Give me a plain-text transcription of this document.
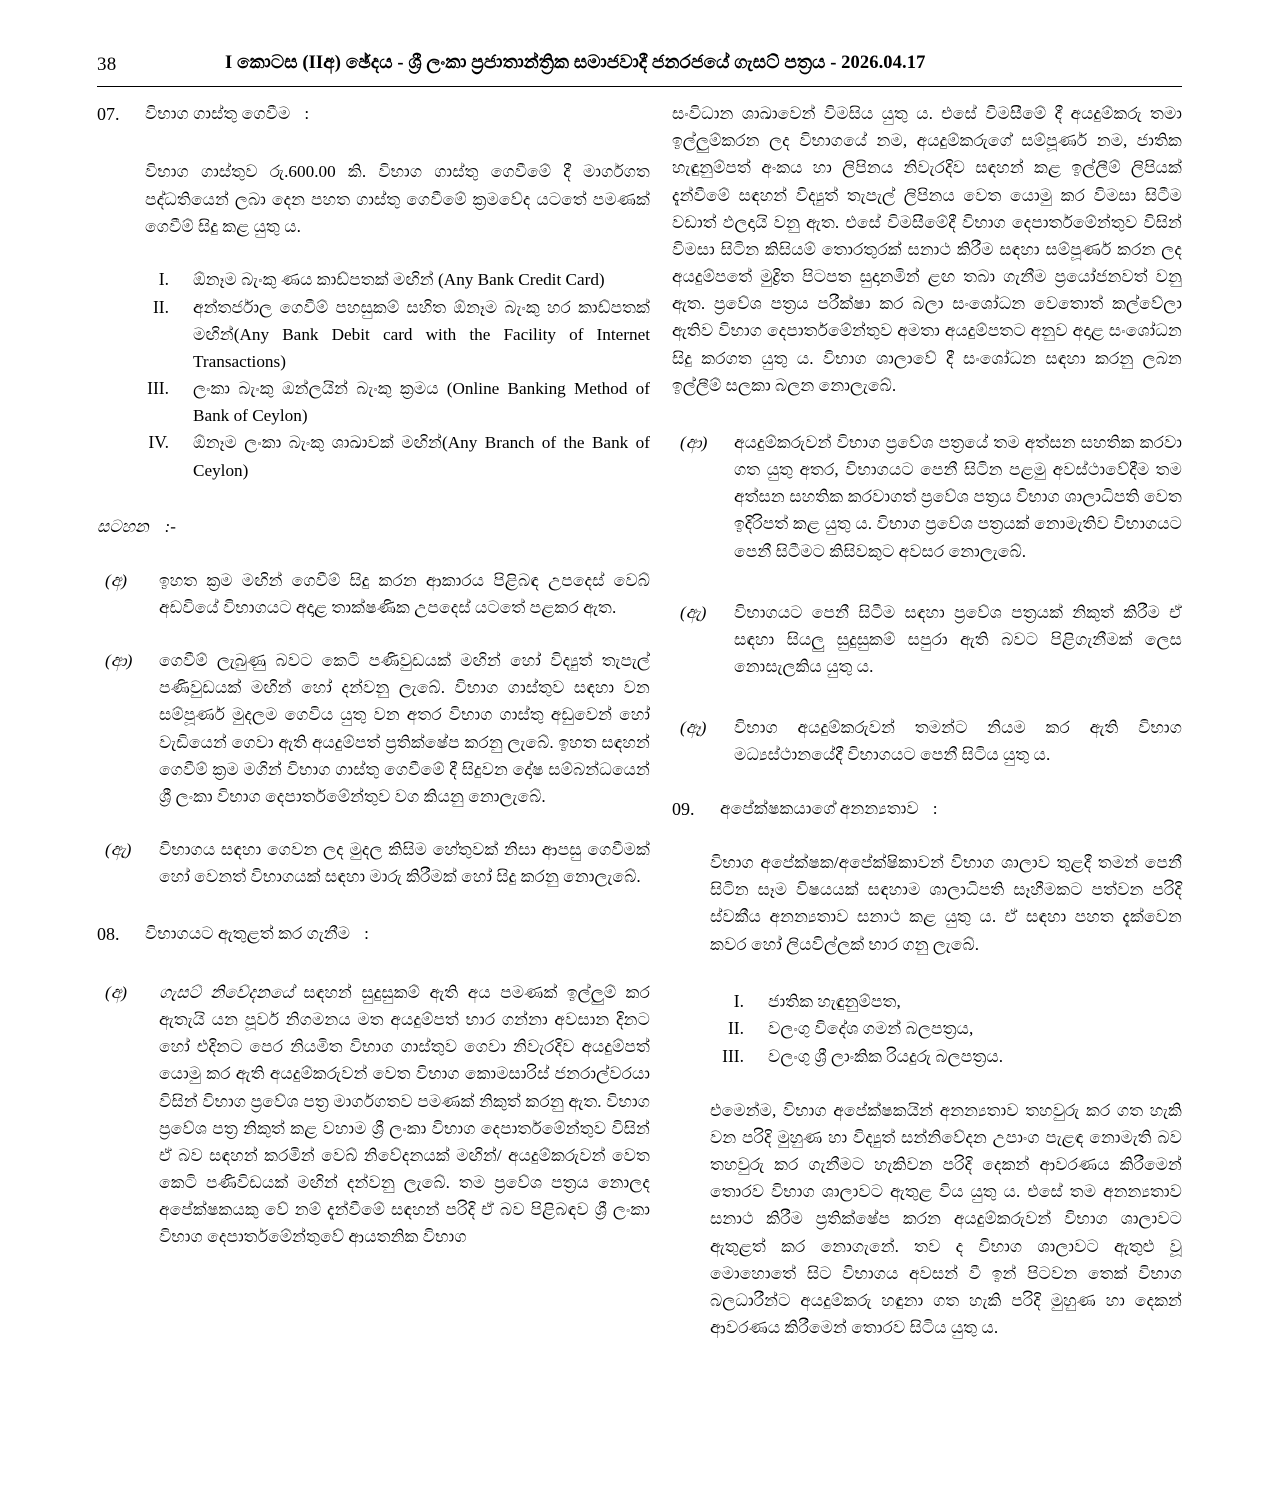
38	I කොටස (IIඅ) ඡේදය - ශ්‍රී ලංකා ප්‍රජාතාන්ත්‍රික සමාජවාදී ජනරජයේ ගැසට් පත්‍රය - 2026.04.17
07.	විභාග ගාස්තු ගෙවීම :
විභාග ගාස්තුව රු.600.00 කි. විභාග ගාස්තු ගෙවීමේ දී මාර්ගගත පද්ධතියෙන් ලබා දෙන පහත ගාස්තු ගෙවීමේ ක්‍රමවේද යටතේ පමණක් ගෙවීම් සිදු කළ යුතු ය.
I.	ඕනෑම බැංකු ණය කාඩ්පතක් මඟින් (Any Bank Credit Card)
II.	අන්තර්ජාල ගෙවීම් පහසුකම් සහිත ඕනෑම බැංකු හර කාඩ්පතක් මඟින්(Any Bank Debit card with the Facility of Internet Transactions)
III.	ලංකා බැංකු ඔන්ලයින් බැංකු ක්‍රමය (Online Banking Method of Bank of Ceylon)
IV.	ඕනෑම ලංකා බැංකු ශාඛාවක් මඟින්(Any Branch of the Bank of Ceylon)
සටහන :-
(අ)	ඉහත ක්‍රම මඟින් ගෙවීම් සිදු කරන ආකාරය පිළිබඳ උපදෙස් වෙබ් අඩවියේ විභාගයට අදාළ තාක්ෂණික උපදෙස් යටතේ පළකර ඇත.
(ආ)	ගෙවීම් ලැබුණු බවට කෙටි පණිවුඩයක් මඟින් හෝ විද්‍යුත් තැපැල් පණිවුඩයක් මඟින් හෝ දන්වනු ලැබේ. විභාග ගාස්තුව සඳහා වන සම්පූර්ණ මුදලම ගෙවිය යුතු වන අතර විභාග ගාස්තු අඩුවෙන් හෝ වැඩියෙන් ගෙවා ඇති අයදුම්පත් ප්‍රතික්ෂේප කරනු ලැබේ. ඉහත සඳහන් ගෙවීම් ක්‍රම මගින් විභාග ගාස්තු ගෙවීමේ දී සිදුවන දෝෂ සම්බන්ධයෙන් ශ්‍රී ලංකා විභාග දෙපාර්තමේන්තුව වග කියනු නොලැබේ.
(ඇ)	විභාගය සඳහා ගෙවන ලද මුදල කිසිම හේතුවක් නිසා ආපසු ගෙවීමක් හෝ වෙනත් විභාගයක් සඳහා මාරු කිරීමක් හෝ සිදු කරනු නොලැබේ.
08.	විභාගයට ඇතුළත් කර ගැනීම :
(අ)	ගැසට් නිවේදනයේ සඳහන් සුදුසුකම් ඇති අය පමණක් ඉල්ලුම් කර ඇතැයි යන පූර්ව නිගමනය මත අයදුම්පත් භාර ගන්නා අවසාන දිනට හෝ එදිනට පෙර නියමිත විභාග ගාස්තුව ගෙවා නිවැරදිව අයදුම්පත් යොමු කර ඇති අයදුම්කරුවන් වෙත විභාග කොමසාරිස් ජනරාල්වරයා විසින් විභාග ප්‍රවේශ පත්‍ර මාර්ගගතව පමණක් නිකුත් කරනු ඇත. විභාග ප්‍රවේශ පත්‍ර නිකුත් කළ වහාම ශ්‍රී ලංකා විභාග දෙපාර්තමේන්තුව විසින් ඒ බව සඳහන් කරමින් වෙබ් නිවේදනයක් මඟින්/ අයදුම්කරුවන් වෙත කෙටි පණිවිඩයක් මඟින් දන්වනු ලැබේ. තම ප්‍රවේශ පත්‍රය නොලද අපේක්ෂකයකු වේ නම් දැන්වීමේ සඳහන් පරිදි ඒ බව පිළිබඳව ශ්‍රී ලංකා විභාග දෙපාර්තමේන්තුවේ ආයතනික විභාග
සංවිධාන ශාඛාවෙන් විමසිය යුතු ය. එසේ විමසීමේ දී අයදුම්කරු තමා ඉල්ලුම්කරන ලද විභාගයේ නම, අයදුම්කරුගේ සම්පූර්ණ නම, ජාතික හැඳුනුම්පත් අංකය හා ලිපිනය නිවැරදිව සඳහන් කළ ඉල්ලීම් ලිපියක් දැන්වීමේ සඳහන් විද්‍යුත් තැපැල් ලිපිනය වෙත යොමු කර විමසා සිටීම වඩාත් ඵලදායි වනු ඇත. එසේ විමසීමේදී විභාග දෙපාර්තමේන්තුව විසින් විමසා සිටින කිසියම් තොරතුරක් සනාථ කිරීම සඳහා සම්පූර්ණ කරන ලද අයදුම්පතේ මුද්‍රිත පිටපත සුදානමින් ළඟ තබා ගැනීම ප්‍රයෝජනවත් වනු ඇත. ප්‍රවේශ පත්‍රය පරීක්ෂා කර බලා සංශෝධන වෙතොත් කල්වේලා ඇතිව විභාග දෙපාර්තමේන්තුව අමතා අයදුම්පතට අනුව අදාළ සංශෝධන සිදු කරගත යුතු ය. විභාග ශාලාවේ දී සංශෝධන සඳහා කරනු ලබන ඉල්ලීම් සලකා බලන නොලැබේ.
(ආ)	අයදුම්කරුවන් විභාග ප්‍රවේශ පත්‍රයේ තම අත්සන සහතික කරවා ගත යුතු අතර, විභාගයට පෙනී සිටින පළමු අවස්ථාවේදීම තම අත්සන සහතික කරවාගත් ප්‍රවේශ පත්‍රය විභාග ශාලාධිපති වෙත ඉදිරිපත් කළ යුතු ය. විභාග ප්‍රවේශ පත්‍රයක් නොමැතිව විභාගයට පෙනී සිටීමට කිසිවකුට අවසර නොලැබේ.
(ඇ)	විභාගයට පෙනී සිටීම සඳහා ප්‍රවේශ පත්‍රයක් නිකුත් කිරීම ඒ සඳහා සියලු සුදුසුකම් සපුරා ඇති බවට පිළිගැනීමක් ලෙස නොසැලකිය යුතු ය.
(ඈ)	විභාග අයදුම්කරුවන් තමන්ට නියම කර ඇති විභාග මධ්‍යස්ථානයේදී විභාගයට පෙනී සිටිය යුතු ය.
09.	අපේක්ෂකයාගේ අනන්‍යතාව :
විභාග අපේක්ෂක/අපේක්ෂිකාවන් විභාග ශාලාව තුළදී තමන් පෙනී සිටින සෑම විෂයයක් සඳහාම ශාලාධිපති සෑහීමකට පත්වන පරිදි ස්වකීය අනන්‍යතාව සනාථ කළ යුතු ය. ඒ සඳහා පහත දැක්වෙන කවර හෝ ලියවිල්ලක් භාර ගනු ලැබේ.
I.	ජාතික හැඳුනුම්පත,
II.	වලංගු විදේශ ගමන් බලපත්‍රය,
III.	වලංගු ශ්‍රී ලාංකික රියදුරු බලපත්‍රය.
එමෙන්ම, විභාග අපේක්ෂකයින් අනන්‍යතාව තහවුරු කර ගත හැකි වන පරිදි මුහුණ හා විද්‍යුත් සන්නිවේදන උපාංග පැළඳ නොමැති බව තහවුරු කර ගැනීමට හැකිවන පරිදි දෙකන් ආවරණය කිරීමෙන් තොරව විභාග ශාලාවට ඇතුළ විය යුතු ය. එසේ තම අනන්‍යතාව සනාථ කිරීම ප්‍රතික්ෂේප කරන අයදුම්කරුවන් විභාග ශාලාවට ඇතුළත් කර නොගැනේ. තව ද විභාග ශාලාවට ඇතුළු වූ මොහොතේ සිට විභාගය අවසන් වී ඉන් පිටවන තෙක් විභාග බලධාරීන්ට අයදුම්කරු හඳුනා ගත හැකි පරිදි මුහුණ හා දෙකන් ආවරණය කිරීමෙන් තොරව සිටිය යුතු ය.
